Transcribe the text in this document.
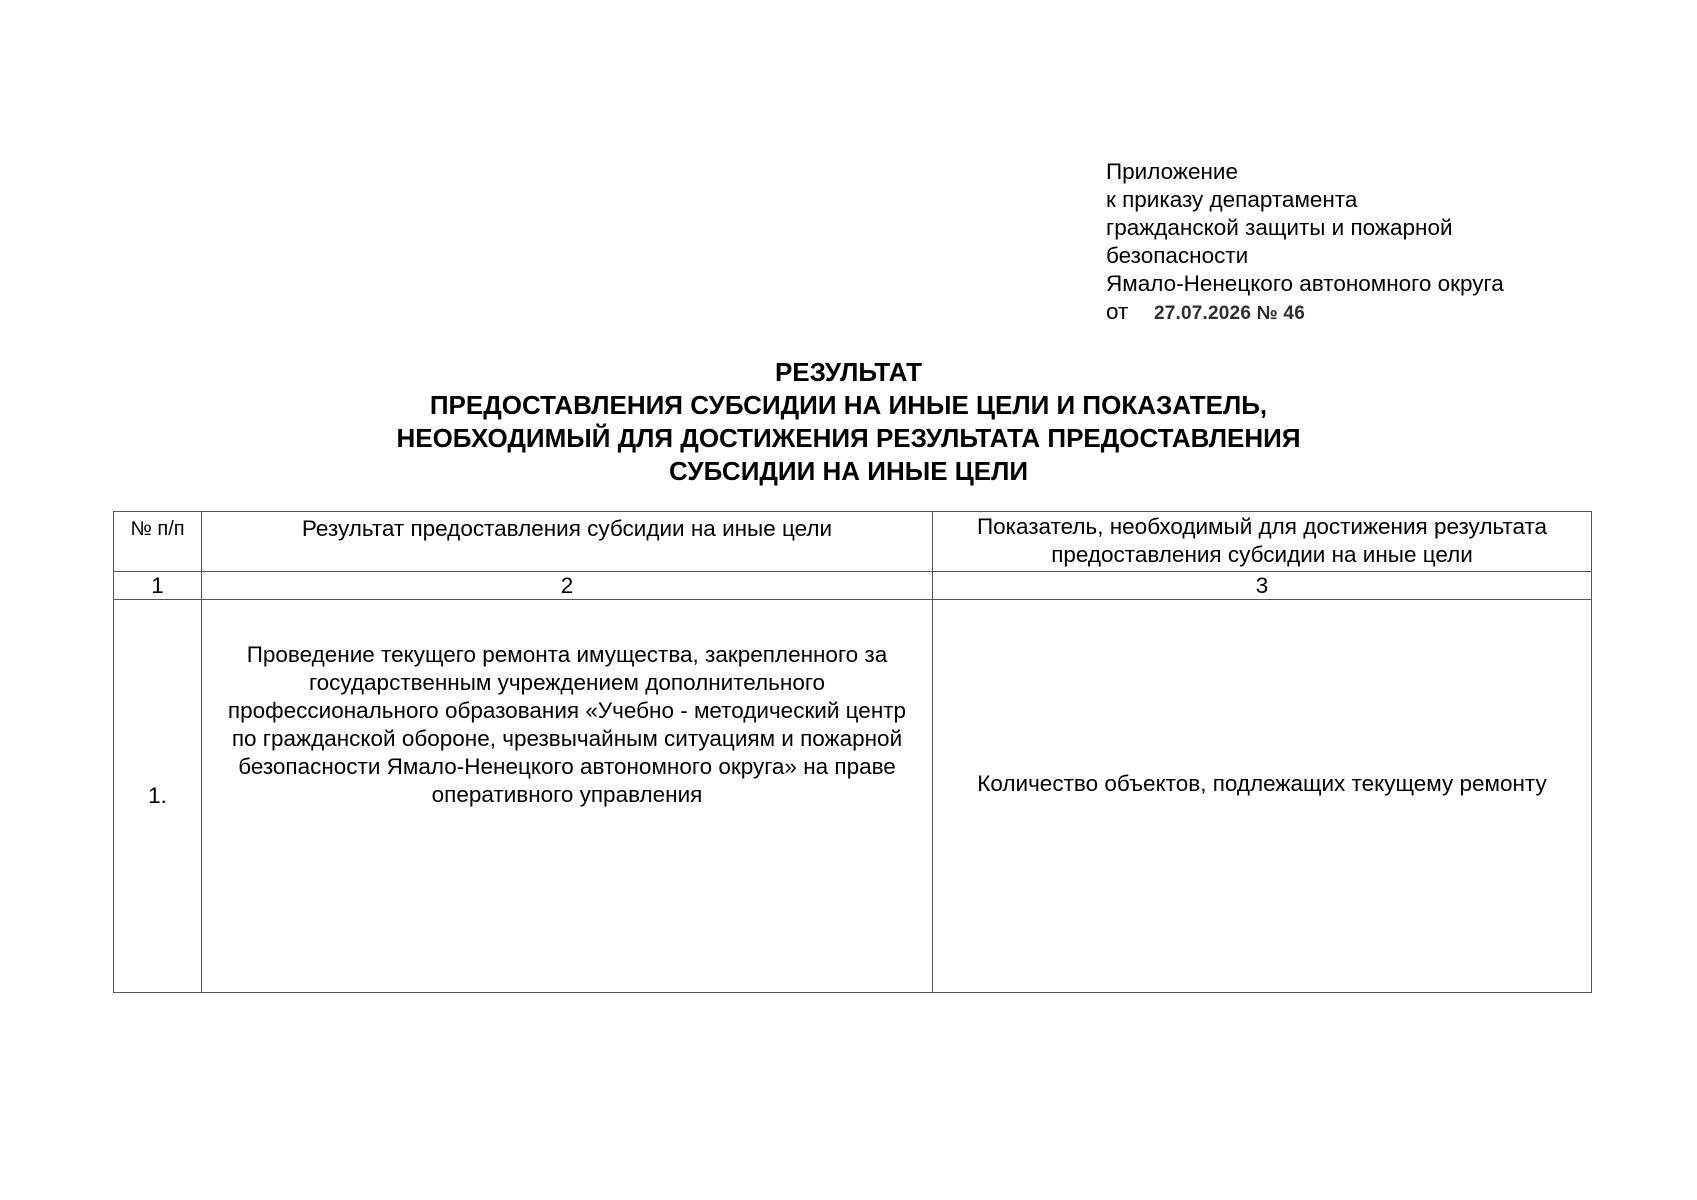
Приложение
к приказу департамента
гражданской защиты и пожарной
безопасности
Ямало-Ненецкого автономного округа
от 27.07.2026 № 46
РЕЗУЛЬТАТ
ПРЕДОСТАВЛЕНИЯ СУБСИДИИ НА ИНЫЕ ЦЕЛИ И ПОКАЗАТЕЛЬ,
НЕОБХОДИМЫЙ ДЛЯ ДОСТИЖЕНИЯ РЕЗУЛЬТАТА ПРЕДОСТАВЛЕНИЯ
СУБСИДИИ НА ИНЫЕ ЦЕЛИ
№ п/п	Результат предоставления субсидии на иные цели	Показатель, необходимый для достижения результата предоставления субсидии на иные цели
1	2	3
1.	Проведение текущего ремонта имущества, закрепленного за государственным учреждением дополнительного профессионального образования «Учебно - методический центр по гражданской обороне, чрезвычайным ситуациям и пожарной безопасности Ямало-Ненецкого автономного округа» на праве оперативного управления	Количество объектов, подлежащих текущему ремонту
